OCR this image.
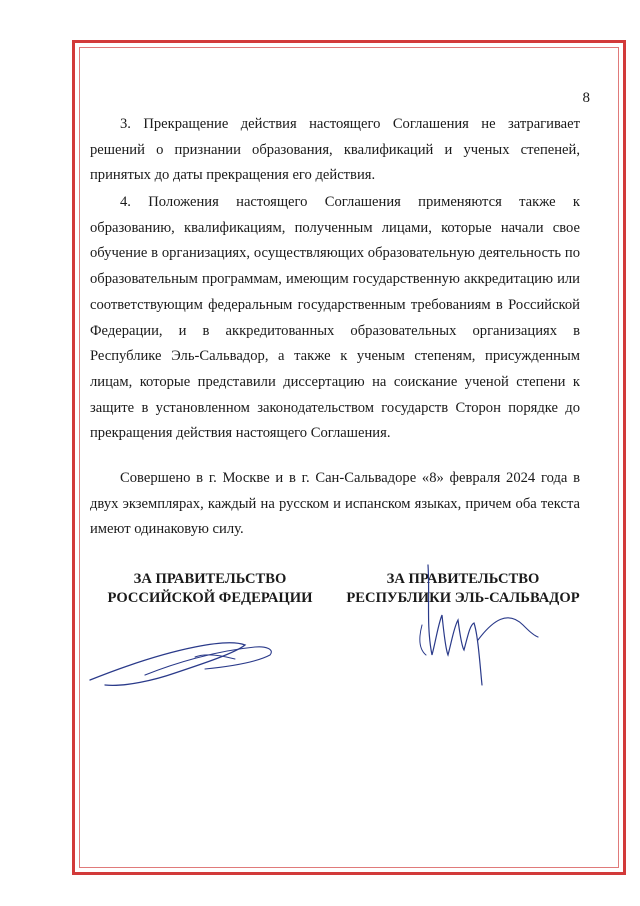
8

3. Прекращение действия настоящего Соглашения не затрагивает решений о признании образования, квалификаций и ученых степеней, принятых до даты прекращения его действия.

4. Положения настоящего Соглашения применяются также к образованию, квалификациям, полученным лицами, которые начали свое обучение в организациях, осуществляющих образовательную деятельность по образовательным программам, имеющим государственную аккредитацию или соответствующим федеральным государственным требованиям в Российской Федерации, и в аккредитованных образовательных организациях в Республике Эль-Сальвадор, а также к ученым степеням, присужденным лицам, которые представили диссертацию на соискание ученой степени к защите в установленном законодательством государств Сторон порядке до прекращения действия настоящего Соглашения.

Совершено в г. Москве и в г. Сан-Сальвадоре «8» февраля 2024 года в двух экземплярах, каждый на русском и испанском языках, причем оба текста имеют одинаковую силу.

ЗА ПРАВИТЕЛЬСТВО
РОССИЙСКОЙ ФЕДЕРАЦИИ
ЗА ПРАВИТЕЛЬСТВО
РЕСПУБЛИКИ ЭЛЬ-САЛЬВАДОР
